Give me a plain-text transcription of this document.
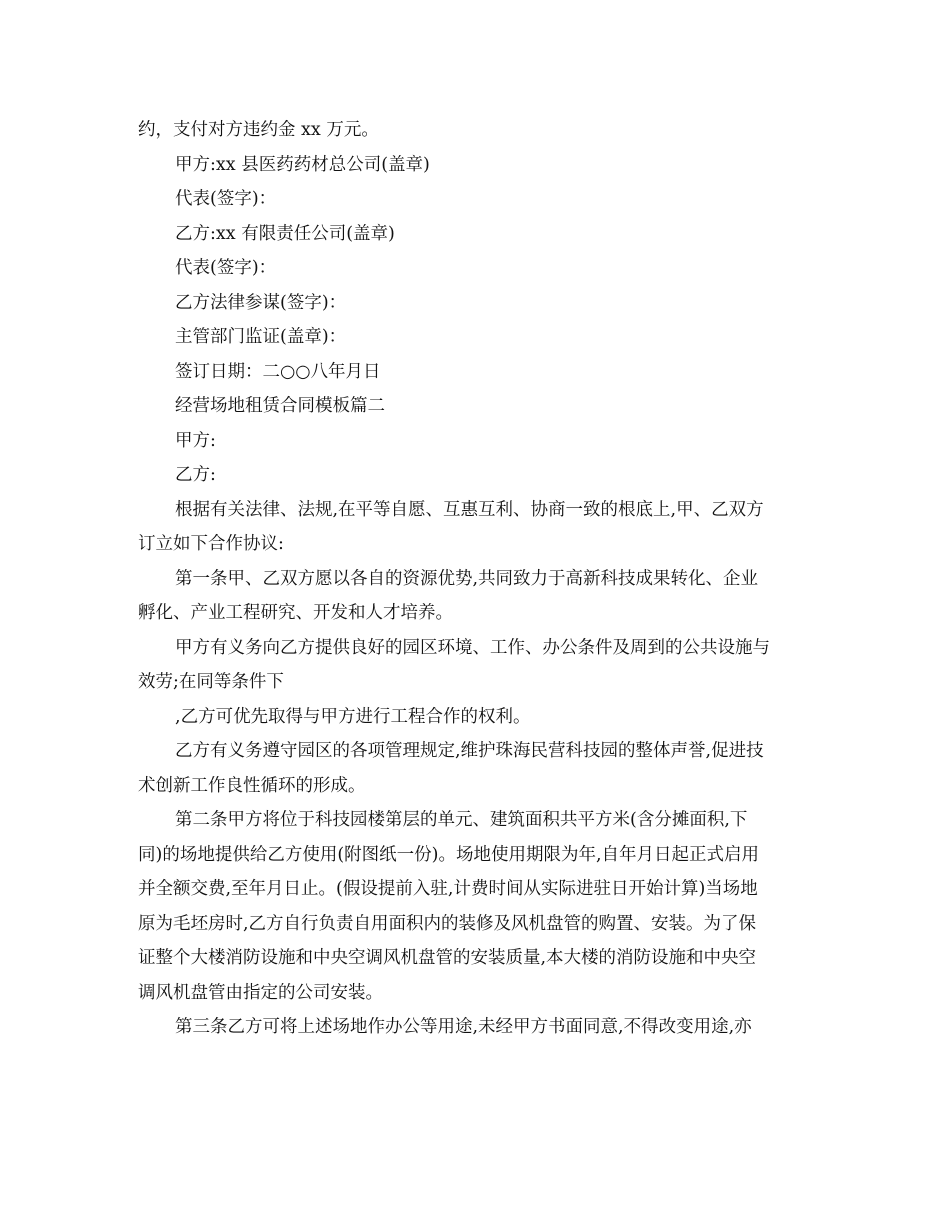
约，支付对方违约金 xx 万元。

甲方:xx 县医药药材总公司(盖章)

代表(签字)：

乙方:xx 有限责任公司(盖章)

代表(签字)：

乙方法律参谋(签字)：

主管部门监证(盖章)：

签订日期：二○○八年月日

经营场地租赁合同模板篇二

甲方:

乙方:

根据有关法律、法规,在平等自愿、互惠互利、协商一致的根底上,甲、乙双方

订立如下合作协议:

第一条甲、乙双方愿以各自的资源优势,共同致力于高新科技成果转化、企业

孵化、产业工程研究、开发和人才培养。

甲方有义务向乙方提供良好的园区环境、工作、办公条件及周到的公共设施与

效劳;在同等条件下

,乙方可优先取得与甲方进行工程合作的权利。

乙方有义务遵守园区的各项管理规定,维护珠海民营科技园的整体声誉,促进技

术创新工作良性循环的形成。

第二条甲方将位于科技园楼第层的单元、建筑面积共平方米(含分摊面积,下

同)的场地提供给乙方使用(附图纸一份)。场地使用期限为年,自年月日起正式启用

并全额交费,至年月日止。(假设提前入驻,计费时间从实际进驻日开始计算)当场地

原为毛坯房时,乙方自行负责自用面积内的装修及风机盘管的购置、安装。为了保

证整个大楼消防设施和中央空调风机盘管的安装质量,本大楼的消防设施和中央空

调风机盘管由指定的公司安装。

第三条乙方可将上述场地作办公等用途,未经甲方书面同意,不得改变用途,亦
